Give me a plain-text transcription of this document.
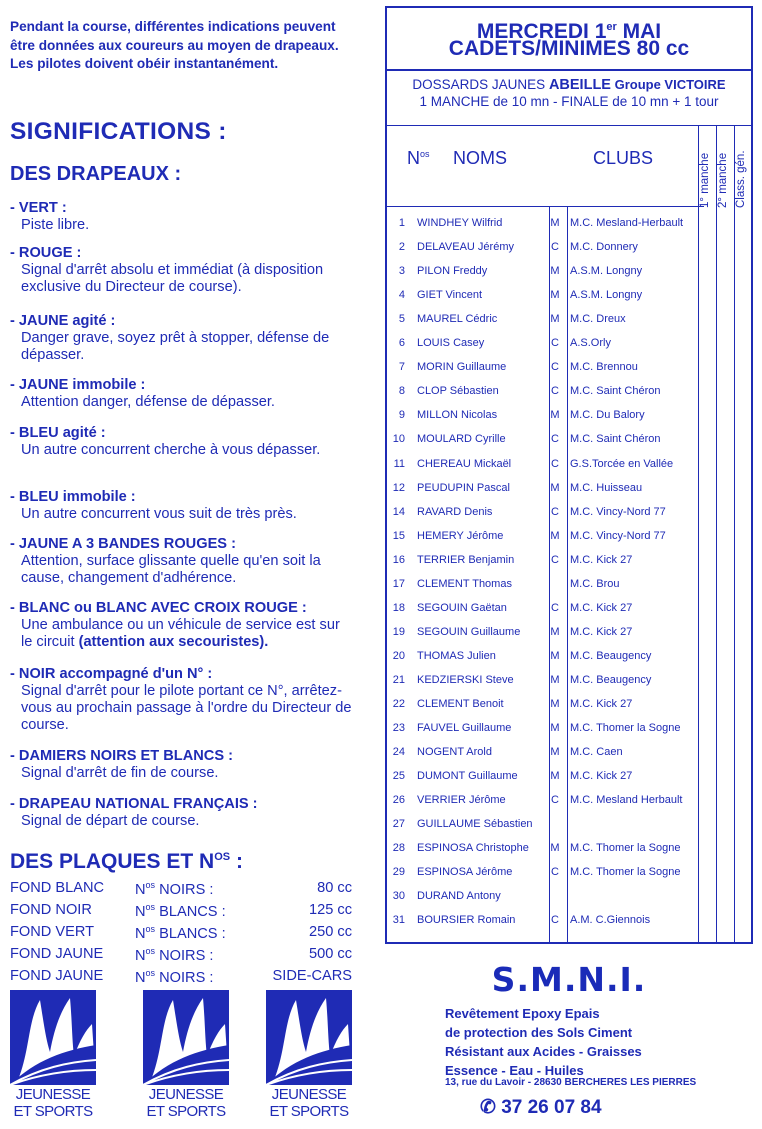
Pendant la course, différentes indications peuvent être données aux coureurs au moyen de drapeaux. Les pilotes doivent obéir instantanément.
SIGNIFICATIONS :
DES DRAPEAUX :
- VERT :
Piste libre.
- ROUGE :
Signal d'arrêt absolu et immédiat (à disposition exclusive du Directeur de course).
- JAUNE agité :
Danger grave, soyez prêt à stopper, défense de dépasser.
- JAUNE immobile :
Attention danger, défense de dépasser.
- BLEU agité :
Un autre concurrent cherche à vous dépasser.
- BLEU immobile :
Un autre concurrent vous suit de très près.
- JAUNE A 3 BANDES ROUGES :
Attention, surface glissante quelle qu'en soit la cause, changement d'adhérence.
- BLANC ou BLANC AVEC CROIX ROUGE :
Une ambulance ou un véhicule de service est sur le circuit (attention aux secouristes).
- NOIR accompagné d'un N° :
Signal d'arrêt pour le pilote portant ce N°, arrêtez-vous au prochain passage à l'ordre du Directeur de course.
- DAMIERS NOIRS ET BLANCS :
Signal d'arrêt de fin de course.
- DRAPEAU NATIONAL FRANÇAIS :
Signal de départ de course.
DES PLAQUES ET $N^{OS}$ :
FOND BLANC $N^{os}$ NOIRS :	80 cc
FOND NOIR	$N^{os}$ BLANCS :	125 cc
FOND VERT	$N^{os}$ BLANCS :	250 cc
FOND JAUNE $N^{os}$ NOIRS :	500 cc
FOND JAUNE $N^{os}$ NOIRS :	SIDE-CARS
JEUNESSE
ET SPORTS
JEUNESSE
ET SPORTS
JEUNESSE
ET SPORTS
MERCREDI 1er MAI
CADETS/MINIMES 80 cc
DOSSARDS JAUNES ABEILLE Groupe VICTOIRE
1 MANCHE de 10 mn - FINALE de 10 mn + 1 tour
$N^{os}$ NOMS	CLUBS	1° manche 2° manche Class. gén.
1 WINDHEY Wilfrid	M M.C. Mesland-Herbault
2 DELAVEAU Jérémy	C	M.C. Donnery
3 PILON Freddy	M A.S.M. Longny
4 GIET Vincent	M A.S.M. Longny
5 MAUREL Cédric	M M.C. Dreux
6 LOUIS Casey	C	A.S.Orly
7 MORIN Guillaume	C	M.C. Brennou
8 CLOP Sébastien	C	M.C. Saint Chéron
9 MILLON Nicolas	M M.C. Du Balory
10 MOULARD Cyrille	C	M.C. Saint Chéron
11 CHEREAU Mickaël	C	G.S.Torcée en Vallée
12 PEUDUPIN Pascal	M M.C. Huisseau
14 RAVARD Denis	C	M.C. Vincy-Nord 77
15 HEMERY Jérôme	M M.C. Vincy-Nord 77
16 TERRIER Benjamin	C	M.C. Kick 27
17 CLEMENT Thomas	M.C. Brou
18 SEGOUIN Gaëtan	C	M.C. Kick 27
19 SEGOUIN Guillaume	M M.C. Kick 27
20 THOMAS Julien	M M.C. Beaugency
21 KEDZIERSKI Steve	M M.C. Beaugency
22 CLEMENT Benoit	M M.C. Kick 27
23 FAUVEL Guillaume	M M.C. Thomer la Sogne
24 NOGENT Arold	M M.C. Caen
25 DUMONT Guillaume	M M.C. Kick 27
26 VERRIER Jérôme	C	M.C. Mesland Herbault
27 GUILLAUME Sébastien
28 ESPINOSA Christophe	M M.C. Thomer la Sogne
29 ESPINOSA Jérôme	C	M.C. Thomer la Sogne
30 DURAND Antony
31 BOURSIER Romain	C	A.M. C.Giennois
S.M.N.I.
Revêtement Epoxy Epais
de protection des Sols Ciment
Résistant aux Acides - Graisses
Essence - Eau - Huiles
13, rue du Lavoir - 28630 BERCHERES LES PIERRES
✆ 37 26 07 84
